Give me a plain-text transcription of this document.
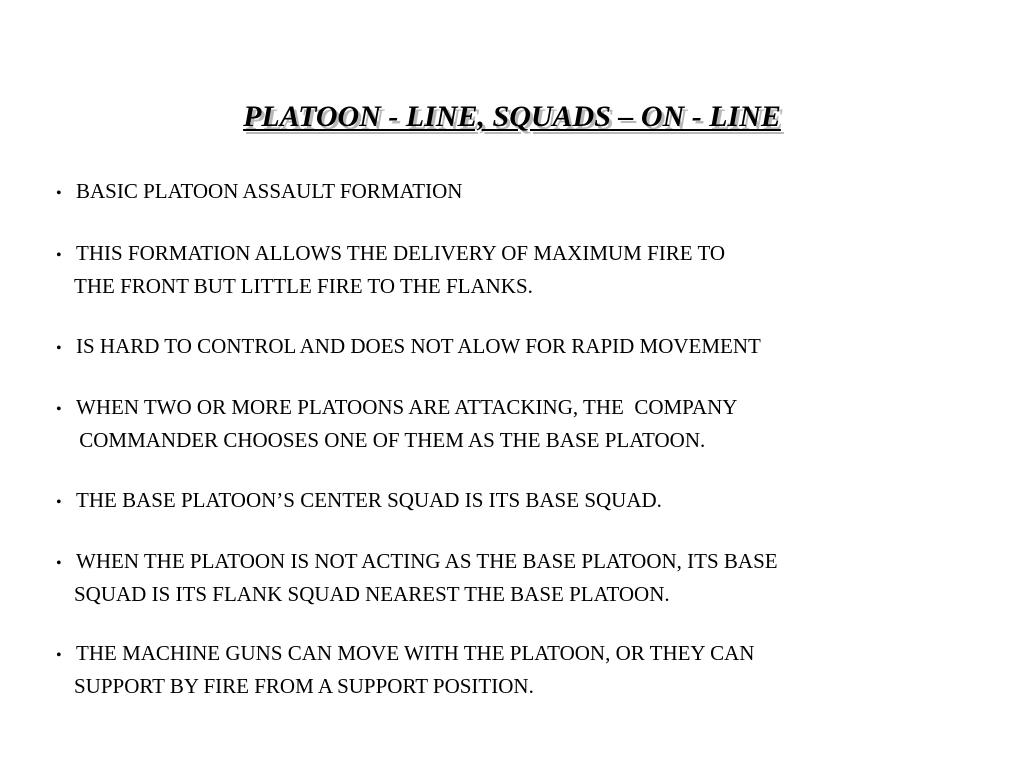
PLATOON - LINE, SQUADS – ON - LINE
• BASIC PLATOON ASSAULT FORMATION
• THIS FORMATION ALLOWS THE DELIVERY OF MAXIMUM FIRE TO
THE FRONT BUT LITTLE FIRE TO THE FLANKS.
• IS HARD TO CONTROL AND DOES NOT ALOW FOR RAPID MOVEMENT
• WHEN TWO OR MORE PLATOONS ARE ATTACKING, THE  COMPANY
COMMANDER CHOOSES ONE OF THEM AS THE BASE PLATOON.
• THE BASE PLATOON’S CENTER SQUAD IS ITS BASE SQUAD.
• WHEN THE PLATOON IS NOT ACTING AS THE BASE PLATOON, ITS BASE
SQUAD IS ITS FLANK SQUAD NEAREST THE BASE PLATOON.
• THE MACHINE GUNS CAN MOVE WITH THE PLATOON, OR THEY CAN
SUPPORT BY FIRE FROM A SUPPORT POSITION.
